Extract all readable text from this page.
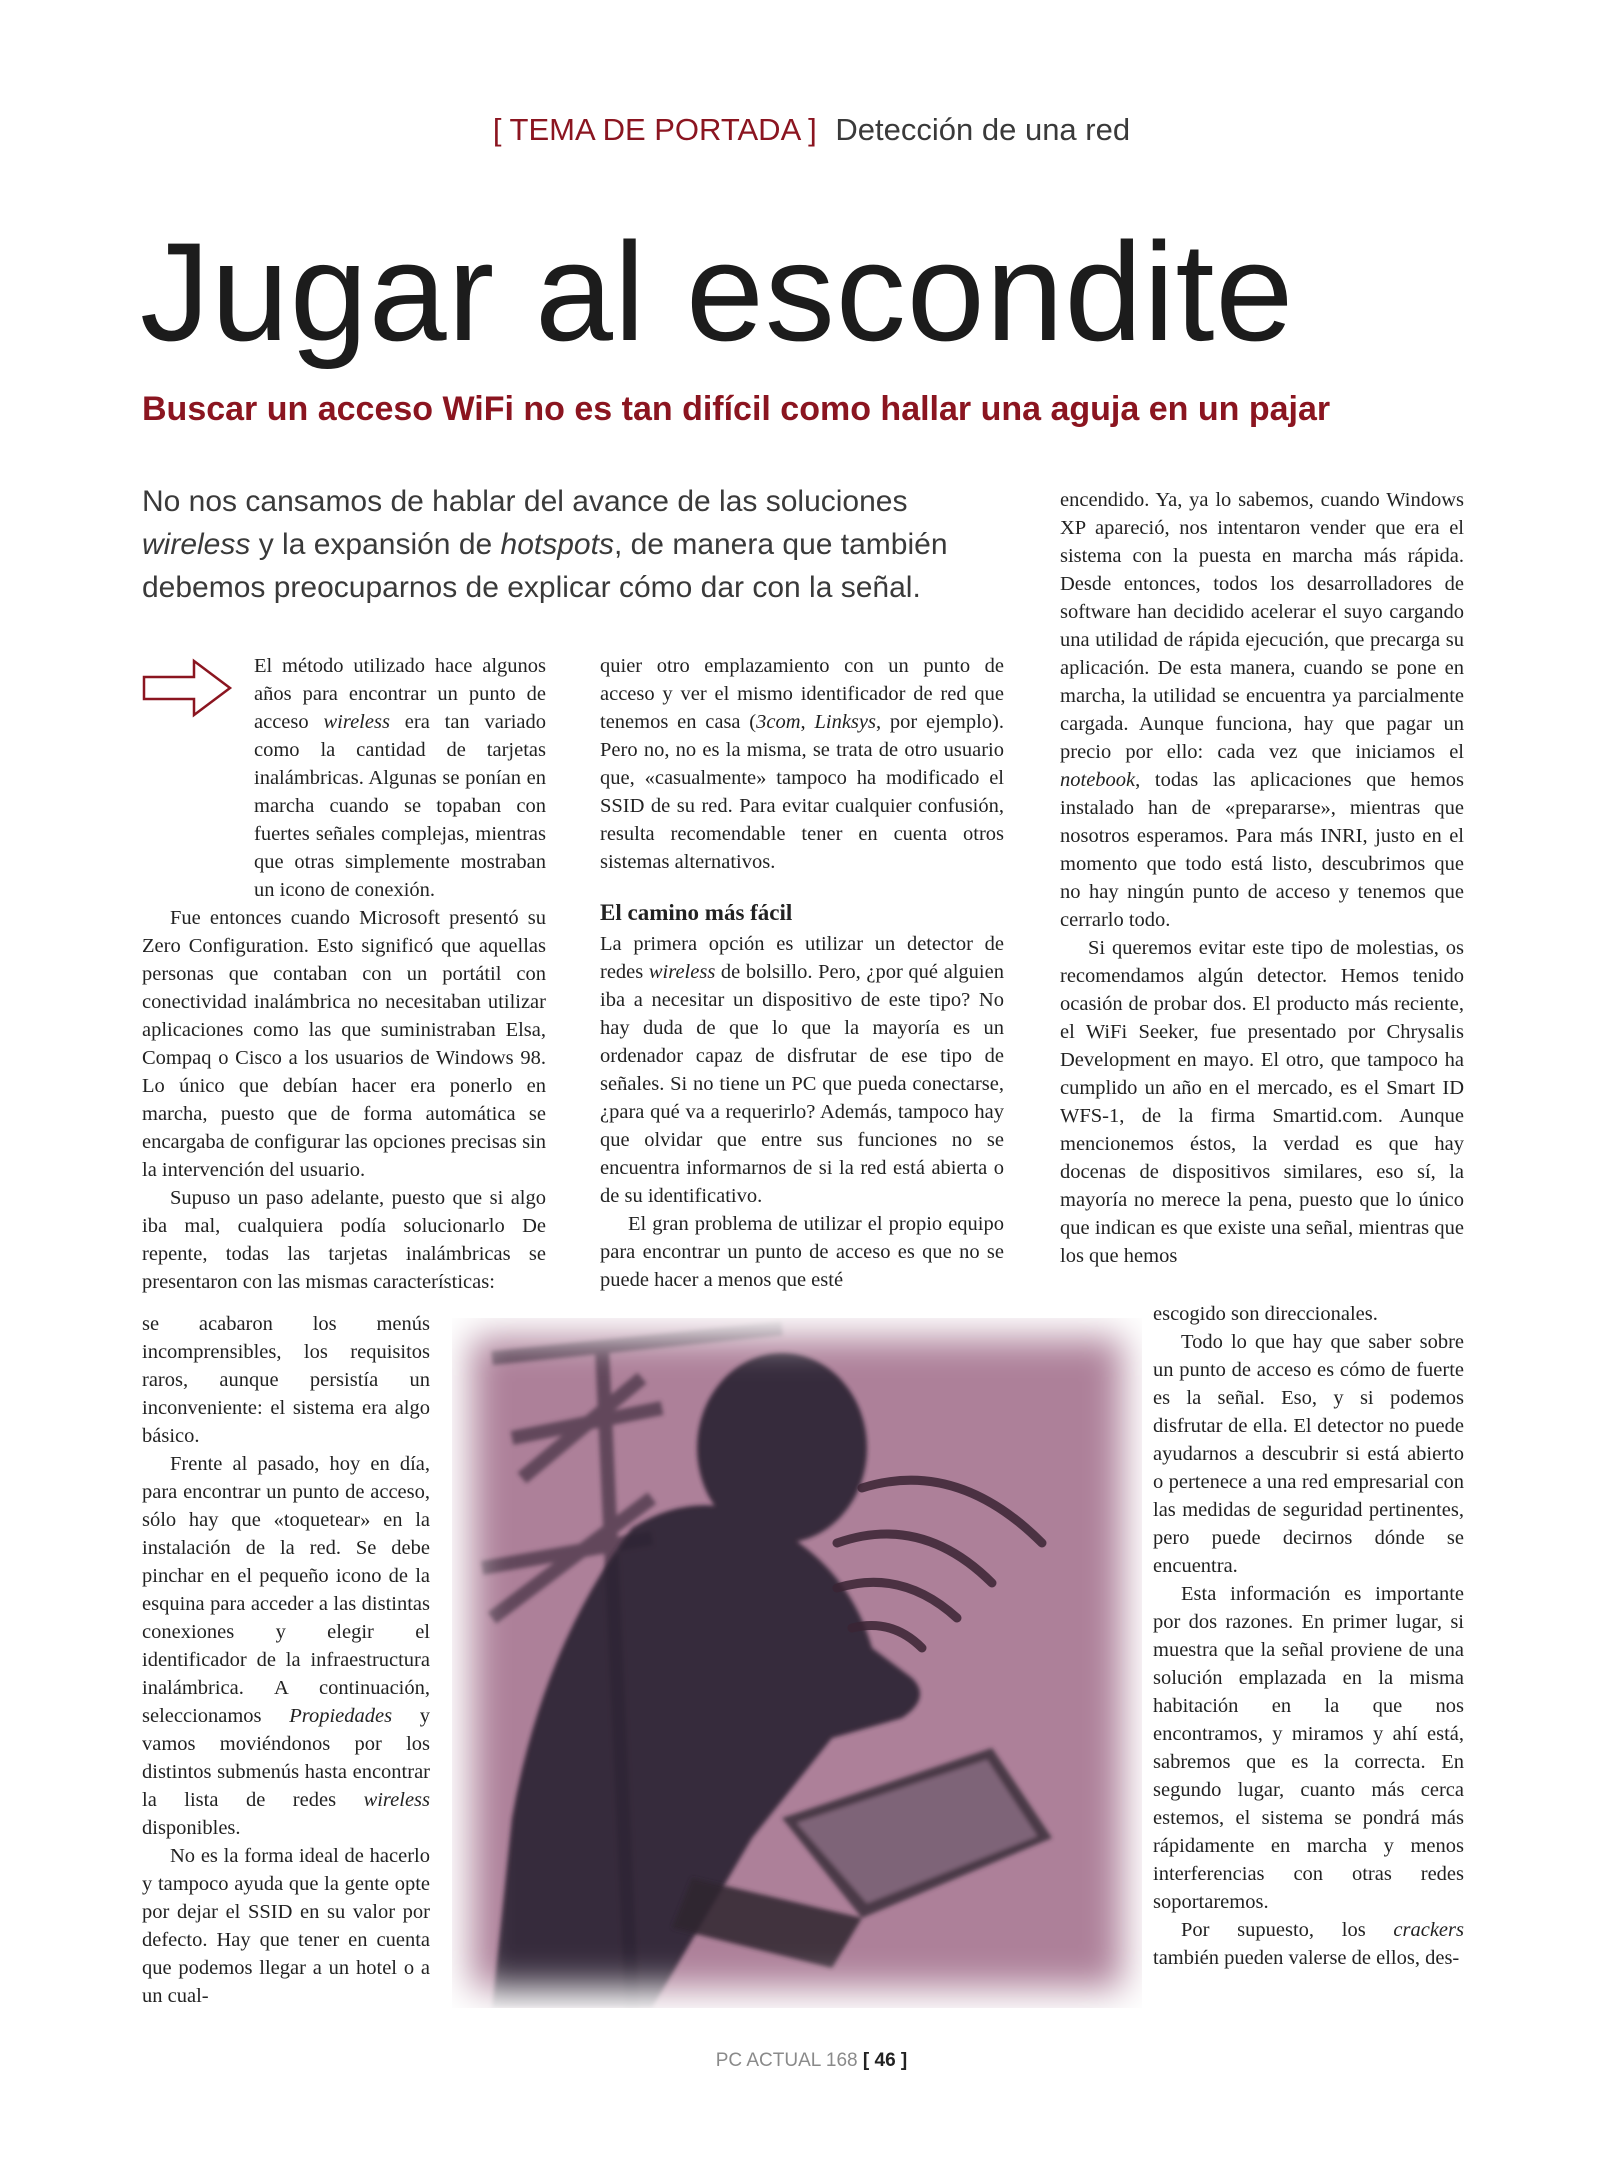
[ TEMA DE PORTADA ] Detección de una red
Jugar al escondite
Buscar un acceso WiFi no es tan difícil como hallar una aguja en un pajar
No nos cansamos de hablar del avance de las soluciones
wireless y la expansión de hotspots, de manera que también
debemos preocuparnos de explicar cómo dar con la señal.

El método utilizado hace algunos años para encontrar un punto de acceso wireless era tan variado como la cantidad de tarjetas inalámbricas. Algunas se ponían en marcha cuando se topaban con fuertes señales complejas, mientras que otras simplemente mostraban un icono de conexión.

Fue entonces cuando Microsoft presentó su Zero Configuration. Esto significó que aquellas personas que contaban con un portátil con conectividad inalámbrica no necesitaban utilizar aplicaciones como las que suministraban Elsa, Compaq o Cisco a los usuarios de Windows 98. Lo único que debían hacer era ponerlo en marcha, puesto que de forma automática se encargaba de configurar las opciones precisas sin la intervención del usuario.

Supuso un paso adelante, puesto que si algo iba mal, cualquiera podía solucionarlo De repente, todas las tarjetas inalámbricas se presentaron con las mismas características:

se acabaron los menús incomprensibles, los requisitos raros, aunque persistía un inconveniente: el sistema era algo básico.

Frente al pasado, hoy en día, para encontrar un punto de acceso, sólo hay que «toquetear» en la instalación de la red. Se debe pinchar en el pequeño icono de la esquina para acceder a las distintas conexiones y elegir el identificador de la infraestructura inalámbrica. A continuación, seleccionamos Propiedades y vamos moviéndonos por los distintos submenús hasta encontrar la lista de redes wireless disponibles.

No es la forma ideal de hacerlo y tampoco ayuda que la gente opte por dejar el SSID en su valor por defecto. Hay que tener en cuenta que podemos llegar a un hotel o a un cual-

quier otro emplazamiento con un punto de acceso y ver el mismo identificador de red que tenemos en casa (3com, Linksys, por ejemplo). Pero no, no es la misma, se trata de otro usuario que, «casualmente» tampoco ha modificado el SSID de su red. Para evitar cualquier confusión, resulta recomendable tener en cuenta otros sistemas alternativos.

El camino más fácil

La primera opción es utilizar un detector de redes wireless de bolsillo. Pero, ¿por qué alguien iba a necesitar un dispositivo de este tipo? No hay duda de que lo que la mayoría es un ordenador capaz de disfrutar de ese tipo de señales. Si no tiene un PC que pueda conectarse, ¿para qué va a requerirlo? Además, tampoco hay que olvidar que entre sus funciones no se encuentra informarnos de si la red está abierta o de su identificativo.

El gran problema de utilizar el propio equipo para encontrar un punto de acceso es que no se puede hacer a menos que esté

encendido. Ya, ya lo sabemos, cuando Windows XP apareció, nos intentaron vender que era el sistema con la puesta en marcha más rápida. Desde entonces, todos los desarrolladores de software han decidido acelerar el suyo cargando una utilidad de rápida ejecución, que precarga su aplicación. De esta manera, cuando se pone en marcha, la utilidad se encuentra ya parcialmente cargada. Aunque funciona, hay que pagar un precio por ello: cada vez que iniciamos el notebook, todas las aplicaciones que hemos instalado han de «prepararse», mientras que nosotros esperamos. Para más INRI, justo en el momento que todo está listo, descubrimos que no hay ningún punto de acceso y tenemos que cerrarlo todo.

Si queremos evitar este tipo de molestias, os recomendamos algún detector. Hemos tenido ocasión de probar dos. El producto más reciente, el WiFi Seeker, fue presentado por Chrysalis Development en mayo. El otro, que tampoco ha cumplido un año en el mercado, es el Smart ID WFS-1, de la firma Smartid.com. Aunque mencionemos éstos, la verdad es que hay docenas de dispositivos similares, eso sí, la mayoría no merece la pena, puesto que lo único que indican es que existe una señal, mientras que los que hemos

escogido son direccionales.

Todo lo que hay que saber sobre un punto de acceso es cómo de fuerte es la señal. Eso, y si podemos disfrutar de ella. El detector no puede ayudarnos a descubrir si está abierto o pertenece a una red empresarial con las medidas de seguridad pertinentes, pero puede decirnos dónde se encuentra.

Esta información es importante por dos razones. En primer lugar, si muestra que la señal proviene de una solución emplazada en la misma habitación en la que nos encontramos, y miramos y ahí está, sabremos que es la correcta. En segundo lugar, cuanto más cerca estemos, el sistema se pondrá más rápidamente en marcha y menos interferencias con otras redes soportaremos.

Por supuesto, los crackers también pueden valerse de ellos, des-

PC ACTUAL 168 [ 46 ]
